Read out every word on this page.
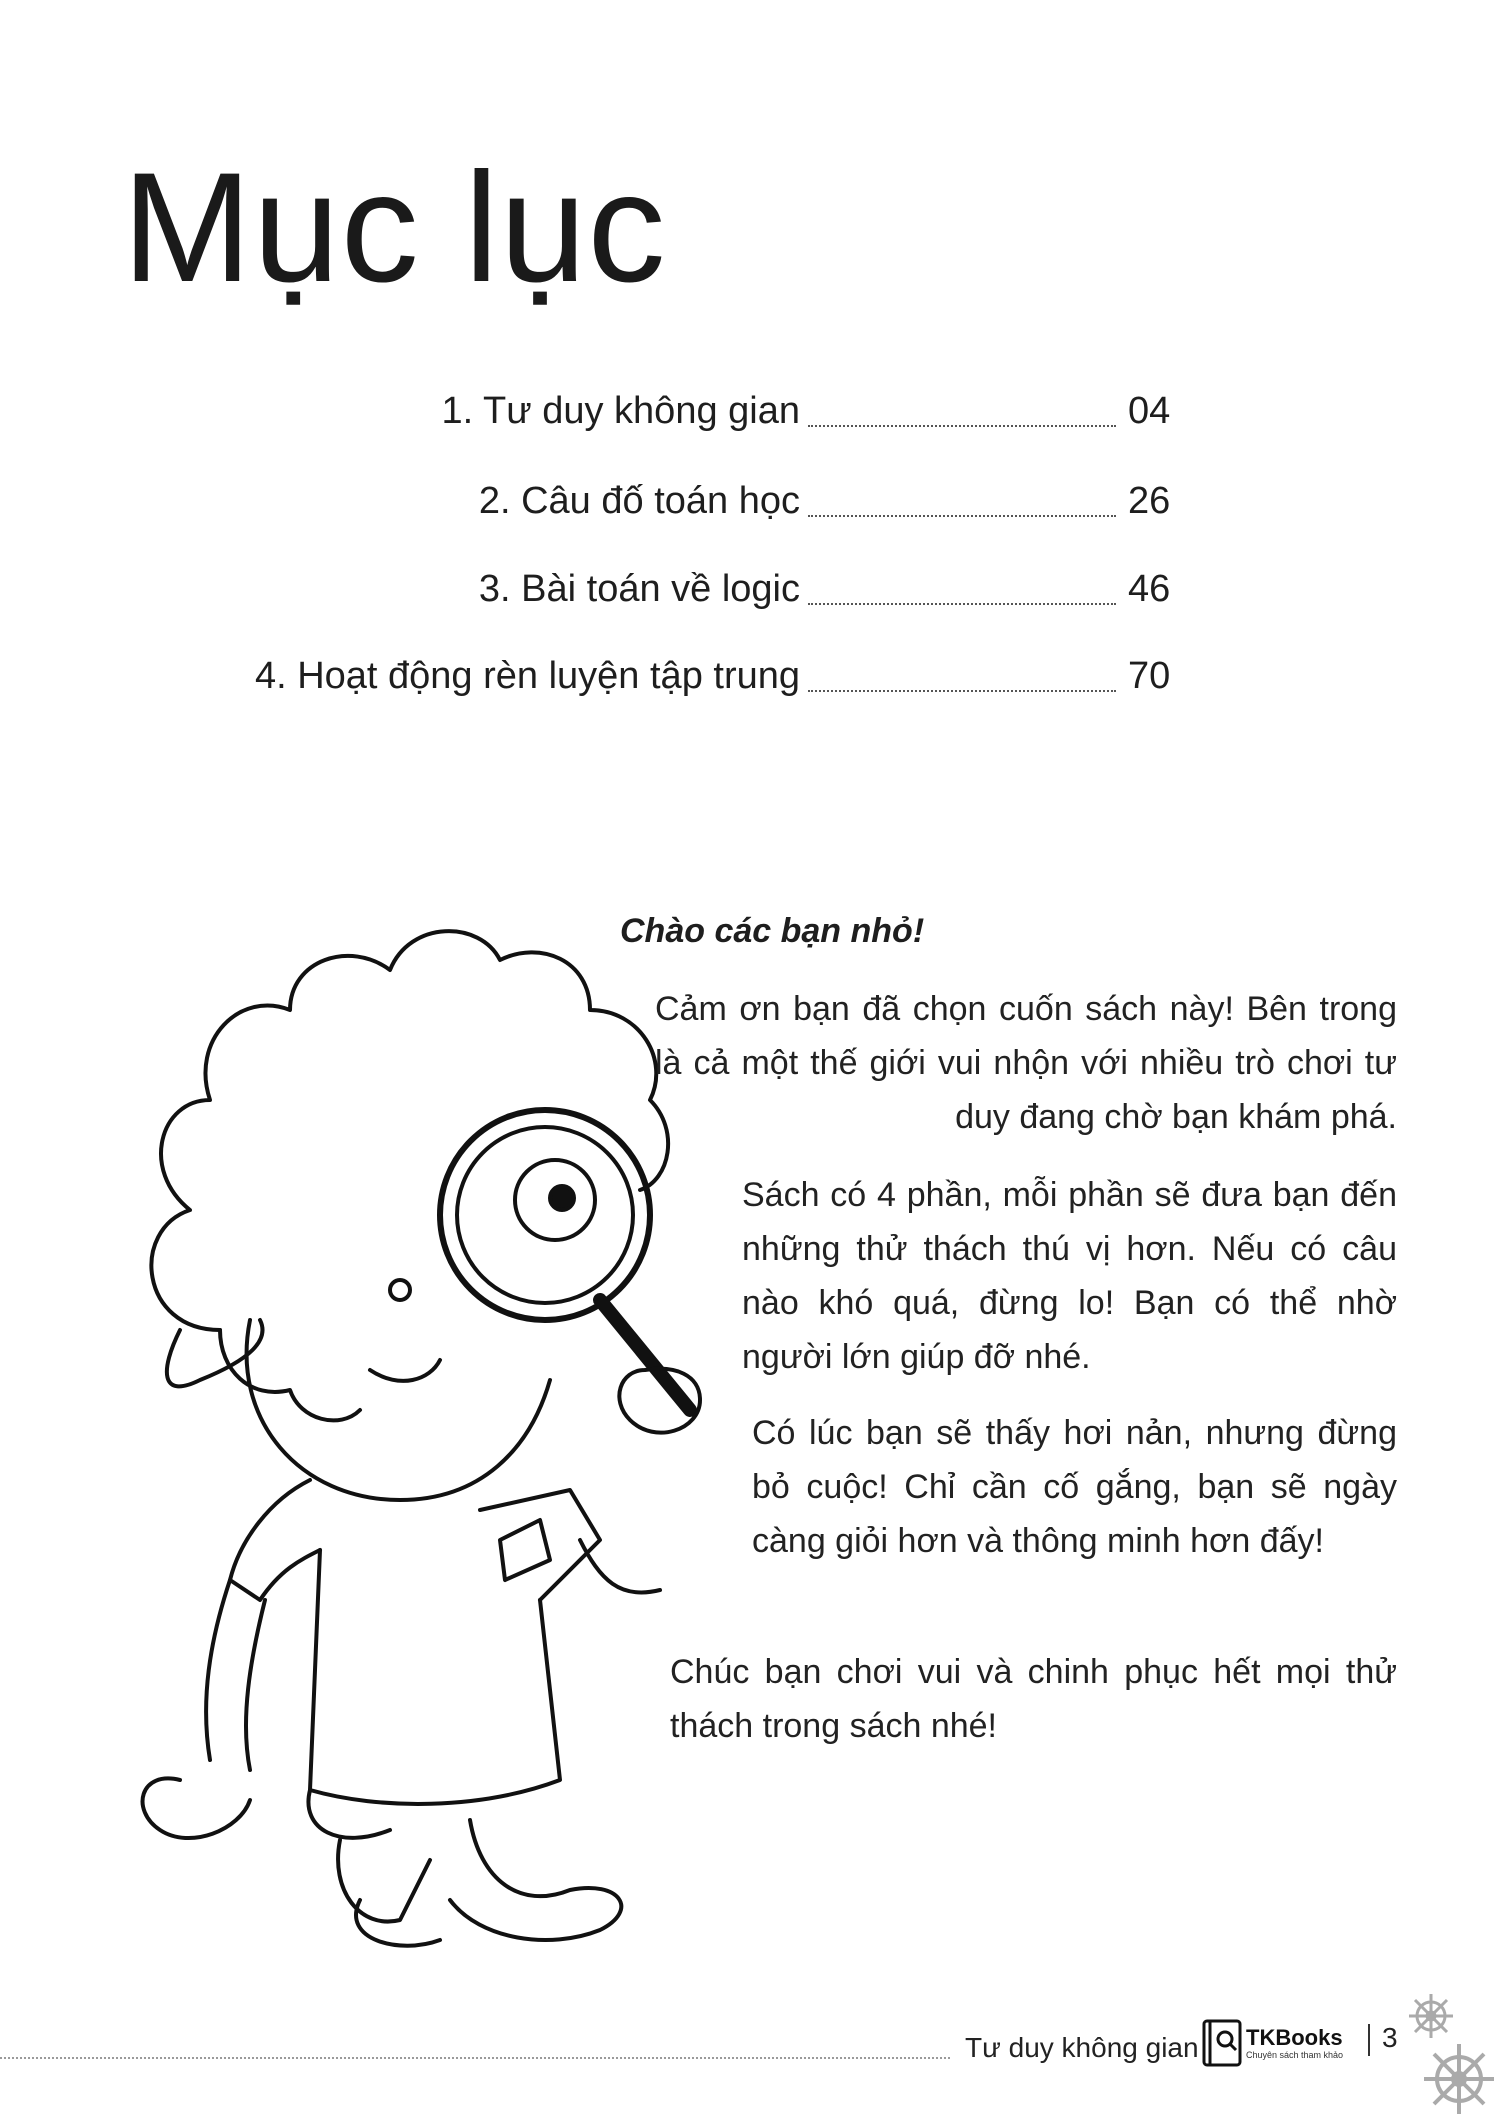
Mục lục
1. Tư duy không gian	04
2. Câu đố toán học	26
3. Bài toán về logic	46
4. Hoạt động rèn luyện tập trung	70
Chào các bạn nhỏ!

Cảm ơn bạn đã chọn cuốn sách này! Bên trong là cả một thế giới vui nhộn với nhiều trò chơi tư duy đang chờ bạn khám phá.

Sách có 4 phần, mỗi phần sẽ đưa bạn đến những thử thách thú vị hơn. Nếu có câu nào khó quá, đừng lo! Bạn có thể nhờ người lớn giúp đỡ nhé.

Có lúc bạn sẽ thấy hơi nản, nhưng đừng bỏ cuộc! Chỉ cần cố gắng, bạn sẽ ngày càng giỏi hơn và thông minh hơn đấy!

Chúc bạn chơi vui và chinh phục hết mọi thử thách trong sách nhé!

Tư duy không gian TKBooks
Chuyên sách tham khảo
3
